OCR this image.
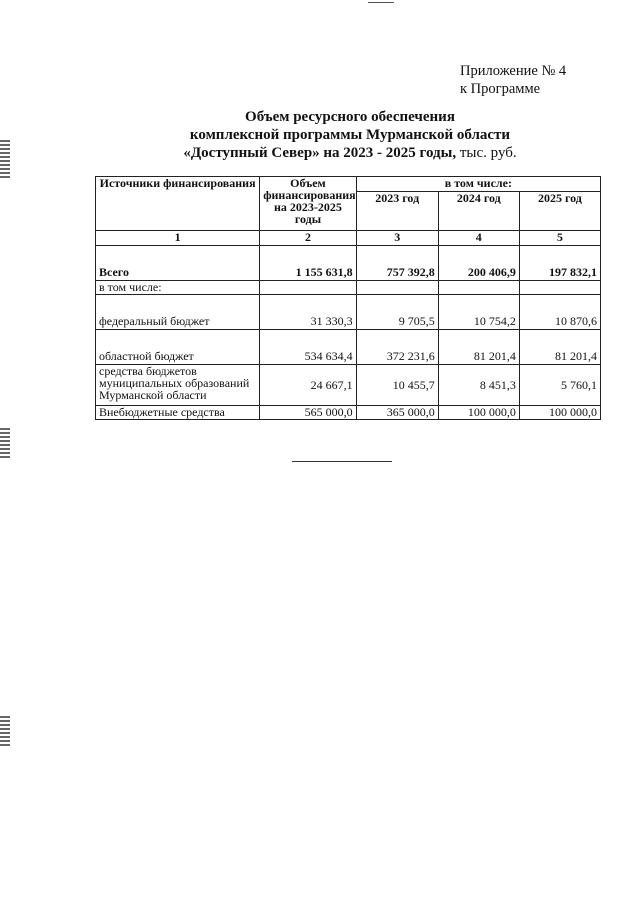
Приложение № 4
к Программе
Объем ресурсного обеспечения
комплексной программы Мурманской области
«Доступный Север» на 2023 - 2025 годы, тыс. руб.
Источники финансирования	Объем финансирования на 2023-2025 годы	в том числе:		
		2023 год	2024 год	2025 год
1	2	3	4	5
Всего	1 155 631,8	757 392,8	200 406,9	197 832,1
в том числе:				
федеральный бюджет	31 330,3	9 705,5	10 754,2	10 870,6
областной бюджет	534 634,4	372 231,6	81 201,4	81 201,4
средства бюджетов муниципальных образований Мурманской области	24 667,1	10 455,7	8 451,3	5 760,1
Внебюджетные средства	565 000,0	365 000,0	100 000,0	100 000,0
